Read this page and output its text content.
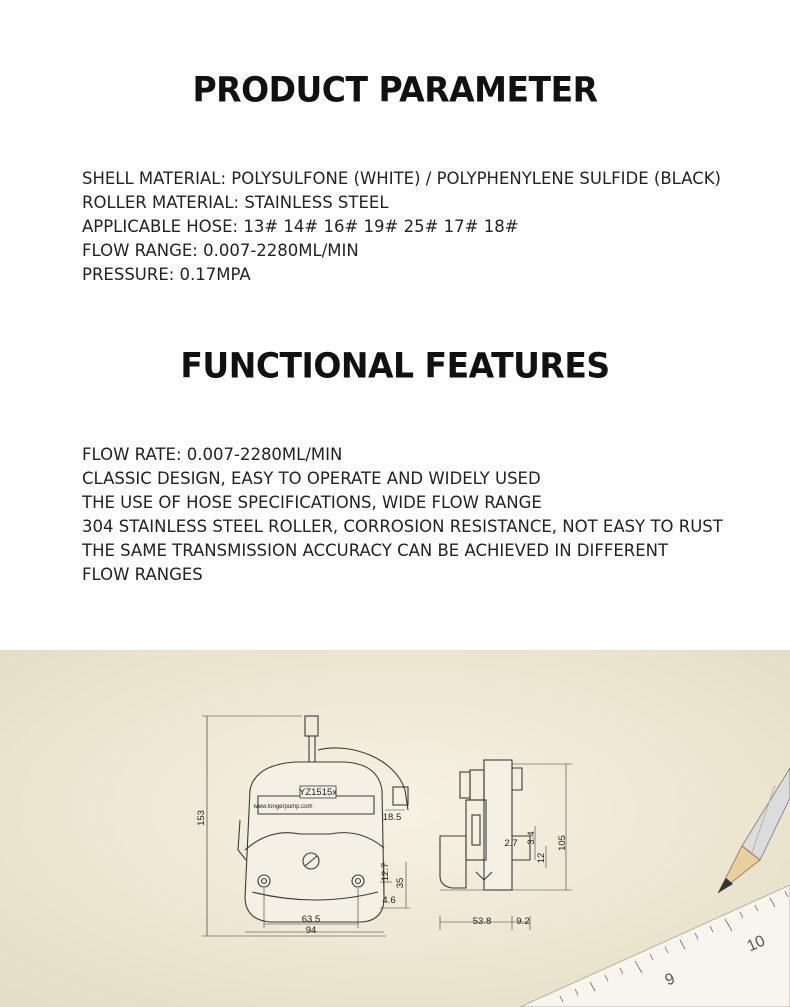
PRODUCT PARAMETER
SHELL MATERIAL: POLYSULFONE (WHITE) / POLYPHENYLENE SULFIDE (BLACK)
ROLLER MATERIAL: STAINLESS STEEL
APPLICABLE HOSE: 13# 14# 16# 19# 25# 17# 18#
FLOW RANGE: 0.007-2280ML/MIN
PRESSURE: 0.17MPA
FUNCTIONAL FEATURES
FLOW RATE: 0.007-2280ML/MIN
CLASSIC DESIGN, EASY TO OPERATE AND WIDELY USED
THE USE OF HOSE SPECIFICATIONS, WIDE FLOW RANGE
304 STAINLESS STEEL ROLLER, CORROSION RESISTANCE, NOT EASY TO RUST
THE SAME TRANSMISSION ACCURACY CAN BE ACHIEVED IN DIFFERENT
FLOW RANGES
YZ1515x
www.longerpump.com
153	18.5
12.7
35
4.6
63.5
94
2.7 3.4
12
105
53.8	9.2
9
10
